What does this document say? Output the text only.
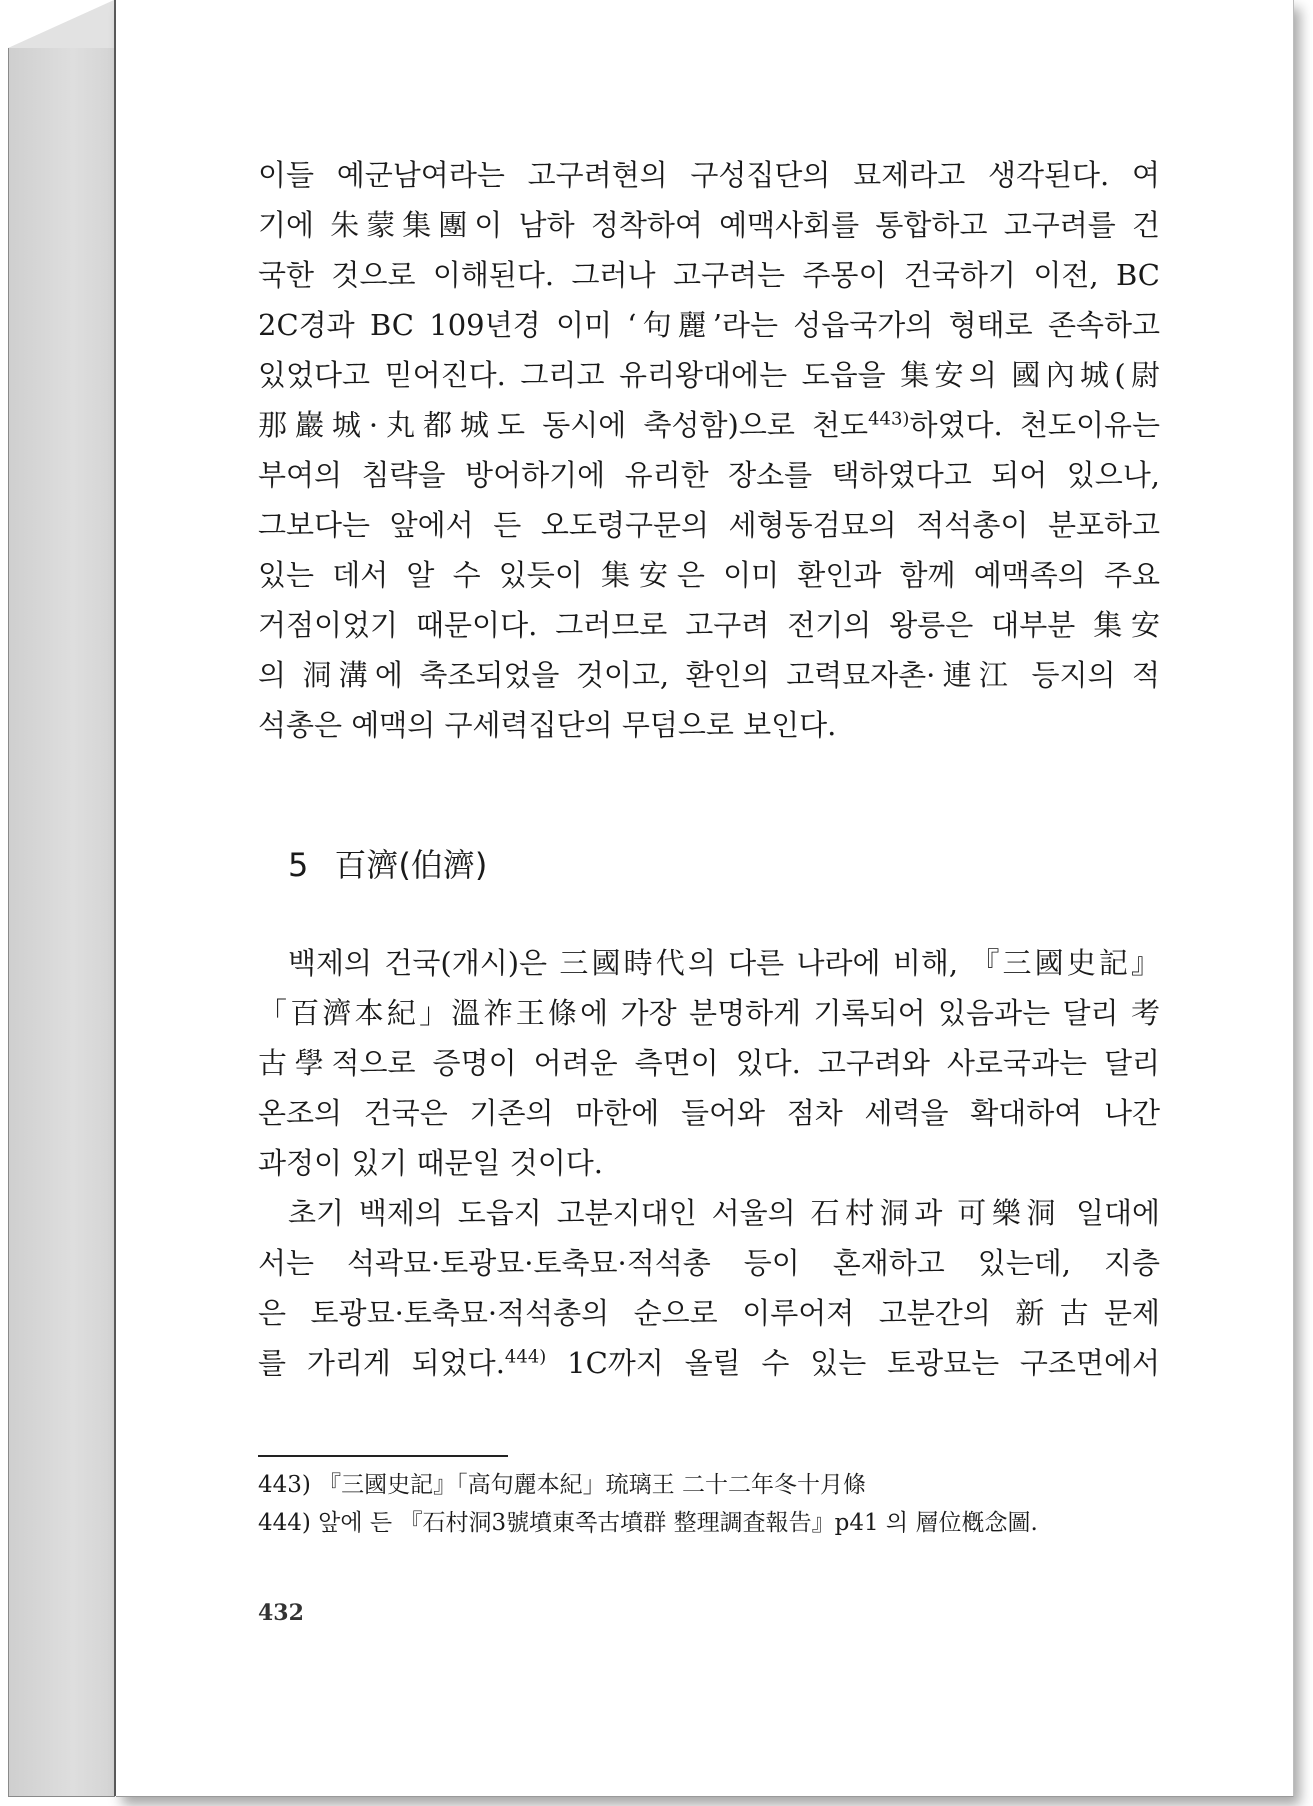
이들 예군남여라는 고구려현의 구성집단의 묘제라고 생각된다. 여
기에 朱蒙集團이 남하 정착하여 예맥사회를 통합하고 고구려를 건
국한 것으로 이해된다. 그러나 고구려는 주몽이 건국하기 이전, BC
2C경과 BC 109년경 이미 ‘句麗’라는 성읍국가의 형태로 존속하고
있었다고 믿어진다. 그리고 유리왕대에는 도읍을 集安의 國內城(尉
那巖城·丸都城도 동시에 축성함)으로 천도$^{443)}$하였다. 천도이유는
부여의 침략을 방어하기에 유리한 장소를 택하였다고 되어 있으나,
그보다는 앞에서 든 오도령구문의 세형동검묘의 적석총이 분포하고
있는 데서 알 수 있듯이 集安은 이미 환인과 함께 예맥족의 주요
거점이었기 때문이다. 그러므로 고구려 전기의 왕릉은 대부분 集安
의 洞溝에 축조되었을 것이고, 환인의 고력묘자촌·連江 등지의 적
석총은 예맥의 구세력집단의 무덤으로 보인다.
5 百濟(伯濟)
백제의 건국(개시)은 三國時代의 다른 나라에 비해, 『三國史記』
「百濟本紀」溫祚王條에 가장 분명하게 기록되어 있음과는 달리 考
古學적으로 증명이 어려운 측면이 있다. 고구려와 사로국과는 달리
온조의 건국은 기존의 마한에 들어와 점차 세력을 확대하여 나간
과정이 있기 때문일 것이다.
초기 백제의 도읍지 고분지대인 서울의 石村洞과 可樂洞 일대에
서는 석곽묘·토광묘·토축묘·적석총 등이 혼재하고 있는데, 지층
은 토광묘·토축묘·적석총의 순으로 이루어져 고분간의 新古문제
를 가리게 되었다.$^{444)}$ 1C까지 올릴 수 있는 토광묘는 구조면에서
443) 『三國史記』「高句麗本紀」琉璃王 二十二年冬十月條
444) 앞에 든 『石村洞3號墳東쪽古墳群 整理調査報告』p41 의 層位槪念圖.
432
